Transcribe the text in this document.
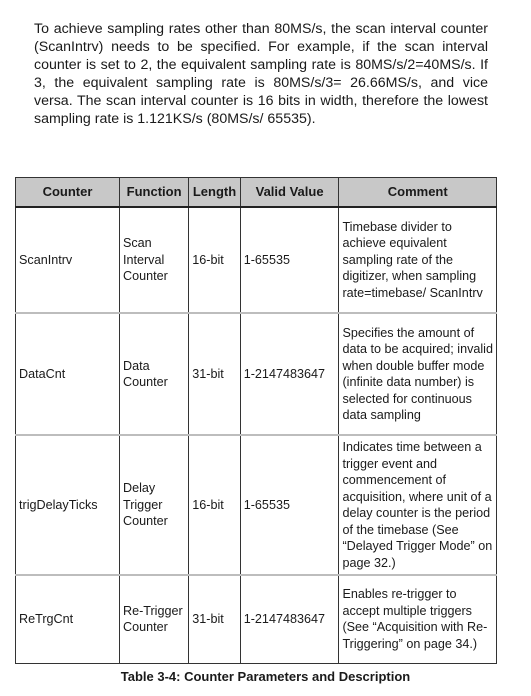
To achieve sampling rates other than 80MS/s, the scan interval counter (ScanIntrv) needs to be specified. For example, if the scan interval counter is set to 2, the equivalent sampling rate is 80MS/s/2=40MS/s. If 3, the equivalent sampling rate is 80MS/s/3= 26.66MS/s, and vice versa. The scan interval counter is 16 bits in width, therefore the lowest sampling rate is 1.121KS/s (80MS/s/ 65535).

Counter	Function	Length	Valid Value	Comment
ScanIntrv	Scan Interval Counter	16-bit	1-65535	Timebase divider to achieve equivalent sampling rate of the digitizer, when sampling rate=timebase/ ScanIntrv
DataCnt	Data Counter	31-bit	1-2147483647	Specifies the amount of data to be acquired; invalid when double buffer mode (infinite data number) is selected for continuous data sampling
trigDelayTicks	Delay Trigger Counter	16-bit	1-65535	Indicates time between a trigger event and commencement of acquisition, where unit of a delay counter is the period of the timebase (See “Delayed Trigger Mode” on page 32.)
ReTrgCnt	Re-Trigger Counter	31-bit	1-2147483647	Enables re-trigger to accept multiple triggers (See “Acquisition with Re-Triggering” on page 34.)
Table 3-4: Counter Parameters and Description
